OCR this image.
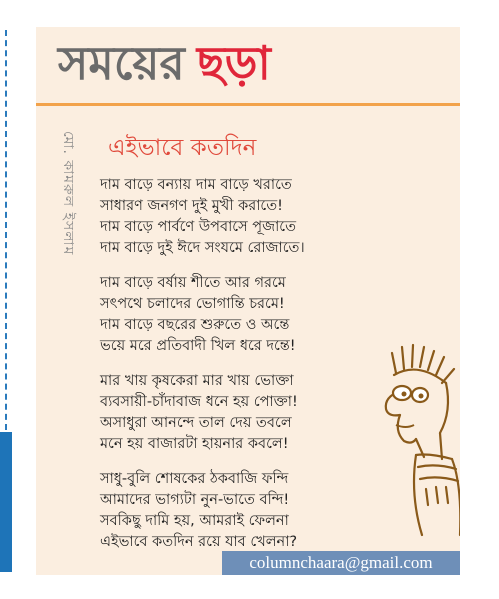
সময়ের ছড়া
মো. কামরুল ইসলাম এইভাবে কতদিন
দাম বাড়ে বন্যায় দাম বাড়ে খরাতে
সাধারণ জনগণ দুই মুখী করাতে!
দাম বাড়ে পার্বণে উপবাসে পূজাতে
দাম বাড়ে দুই ঈদে সংযমে রোজাতে।
দাম বাড়ে বর্ষায় শীতে আর গরমে
সৎপথে চলাদের ভোগান্তি চরমে!
দাম বাড়ে বছরের শুরুতে ও অন্তে
ভয়ে মরে প্রতিবাদী খিল ধরে দন্তে!
মার খায় কৃষকেরা মার খায় ভোক্তা
ব্যবসায়ী-চাঁদাবাজ ধনে হয় পোক্তা!
অসাধুরা আনন্দে তাল দেয় তবলে
মনে হয় বাজারটা হায়নার কবলে!
সাধু-বুলি শোষকের ঠকবাজি ফন্দি
আমাদের ভাগ্যটা নুন-ভাতে বন্দি!
সবকিছু দামি হয়, আমরাই ফেলনা
এইভাবে কতদিন রয়ে যাব খেলনা?
columnchaara@gmail.com
